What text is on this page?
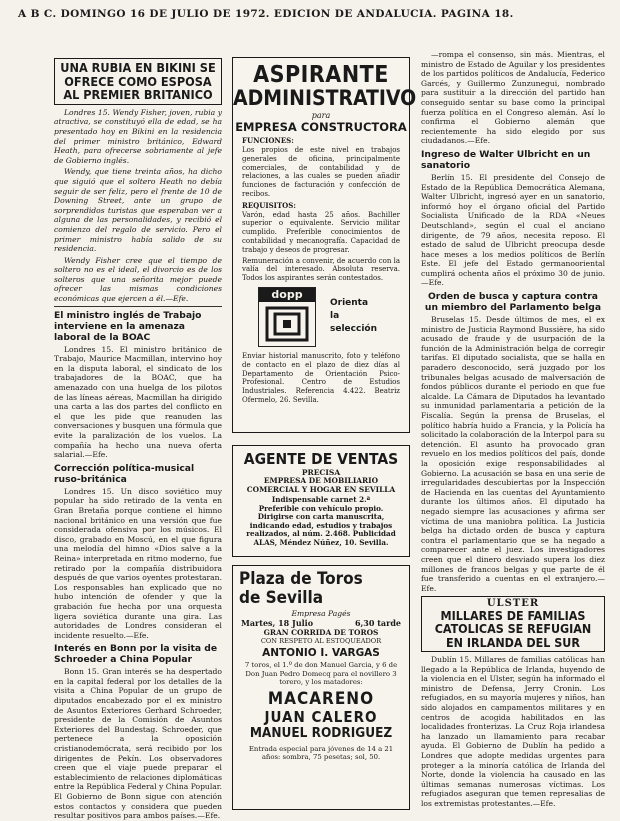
A B C. DOMINGO 16 DE JULIO DE 1972. EDICION DE ANDALUCIA. PAGINA 18.
UNA RUBIA EN BIKINI SE OFRECE COMO ESPOSA AL PREMIER BRITANICO

Londres 15. Wendy Fisher, joven, rubia y atractiva, se constituyó ella de edad, se ha presentado hoy en Bikini en la residencia del primer ministro británico, Edward Heath, para ofrecerse sobriamente al jefe de Gobierno inglés.

Wendy, que tiene treinta años, ha dicho que siguió que el soltero Heath no debía seguir de ser feliz, pero el frente de 10 de Downing Street, ante un grupo de sorprendidos turistas que esperaban ver a alguna de las personalidades, y recibió el comienzo del regalo de servicio. Pero el primer ministro había salido de su residencia.

Wendy Fisher cree que el tiempo de soltero no es el ideal, el divorcio es de los solteros que una señorita mejor puede ofrecer las mismas condiciones económicas que ejercen a él.—Efe.

El ministro inglés de Trabajo interviene en la amenaza laboral de la BOAC

Londres 15. El ministro británico de Trabajo, Maurice Macmillan, intervino hoy en la disputa laboral, el sindicato de los trabajadores de la BOAC, que ha amenazado con una huelga de los pilotos de las líneas aéreas, Macmillan ha dirigido una carta a las dos partes del conflicto en el que les pide que reanuden las conversaciones y busquen una fórmula que evite la paralización de los vuelos. La compañía ha hecho una nueva oferta salarial.—Efe.

Corrección política-musical ruso-británica

Londres 15. Un disco soviético muy popular ha sido retirado de la venta en Gran Bretaña porque contiene el himno nacional británico en una versión que fue considerada ofensiva por los músicos. El disco, grabado en Moscú, en el que figura una melodía del himno «Dios salve a la Reina» interpretada en ritmo moderno, fue retirado por la compañía distribuidora después de que varios oyentes protestaran. Los responsables han explicado que no hubo intención de ofender y que la grabación fue hecha por una orquesta ligera soviética durante una gira. Las autoridades de Londres consideran el incidente resuelto.—Efe.

Interés en Bonn por la visita de Schroeder a China Popular

Bonn 15. Gran interés se ha despertado en la capital federal por los detalles de la visita a China Popular de un grupo de diputados encabezado por el ex ministro de Asuntos Exteriores Gerhard Schroeder, presidente de la Comisión de Asuntos Exteriores del Bundestag. Schroeder, que pertenece a la oposición cristianodemócrata, será recibido por los dirigentes de Pekín. Los observadores creen que el viaje puede preparar el establecimiento de relaciones diplomáticas entre la República Federal y China Popular. El Gobierno de Bonn sigue con atención estos contactos y considera que pueden resultar positivos para ambos países.—Efe.

ASPIRANTE
ADMINISTRATIVO
para
EMPRESA CONSTRUCTORA
FUNCIONES:
Los propios de este nivel en trabajos generales de oficina, principalmente comerciales, de contabilidad y de relaciones, a las cuales se pueden añadir funciones de facturación y confección de recibos.
REQUISITOS:
Varón, edad hasta 25 años. Bachiller superior o equivalente. Servicio militar cumplido. Preferible conocimientos de contabilidad y mecanografía. Capacidad de trabajo y deseos de progresar.
Remuneración a convenir, de acuerdo con la valía del interesado. Absoluta reserva. Todos los aspirantes serán contestados.
dopp
Orienta
la
selección
Enviar historial manuscrito, foto y teléfono de contacto en el plazo de diez días al Departamento de Orientación Psico-Profesional. Centro de Estudios Industriales. Referencia 4.422. Beatriz Ofermelo, 26. Sevilla.
AGENTE DE VENTAS
PRECISA
EMPRESA DE MOBILIARIO COMERCIAL Y HOGAR EN SEVILLA
Indispensable carnet 2.ª
Preferible con vehículo propio. Dirigirse con carta manuscrita, indicando edad, estudios y trabajos realizados, al núm. 2.468. Publicidad ALAS, Méndez Núñez, 10. Sevilla.
Plaza de Toros
de Sevilla
Empresa Pagés
Martes, 18 Julio	6,30 tarde
GRAN CORRIDA DE TOROS
CON RESPETO AL ESTOQUEADOR
ANTONIO I. VARGAS
7 toros, el 1.º de don Manuel Garcia, y 6 de Don Juan Pedro Domecq para el novillero 3 torero, y los matadores:
MACARENO
JUAN CALERO
MANUEL RODRIGUEZ
Entrada especial para jóvenes de 14 a 21 años: sombra, 75 pesetas; sol, 50.

—rompa el consenso, sin más. Mientras, el ministro de Estado de Aguilar y los presidentes de los partidos políticos de Andalucía, Federico Garcés, y Guillermo Zunzunegui, nombrado para sustituir a la dirección del partido han conseguido sentar su base como la principal fuerza política en el Congreso alemán. Así lo confirma el Gobierno alemán que recientemente ha sido elegido por sus ciudadanos.—Efe.

Ingreso de Walter Ulbricht en un sanatorio

Berlín 15. El presidente del Consejo de Estado de la República Democrática Alemana, Walter Ulbricht, ingresó ayer en un sanatorio, informó hoy el órgano oficial del Partido Socialista Unificado de la RDA «Neues Deutschland», según el cual el anciano dirigente, de 79 años, necesita reposo. El estado de salud de Ulbricht preocupa desde hace meses a los medios políticos de Berlín Este. El jefe del Estado germanooriental cumplirá ochenta años el próximo 30 de junio.—Efe.

Orden de busca y captura contra un miembro del Parlamento belga

Bruselas 15. Desde últimos de mes, el ex ministro de Justicia Raymond Bussière, ha sido acusado de fraude y de usurpación de la función de la Administración belga de corregir tarifas. El diputado socialista, que se halla en paradero desconocido, será juzgado por los tribunales belgas acusado de malversación de fondos públicos durante el periodo en que fue alcalde. La Cámara de Diputados ha levantado su inmunidad parlamentaria a petición de la Fiscalía. Según la prensa de Bruselas, el político habría huido a Francia, y la Policía ha solicitado la colaboración de la Interpol para su detención. El asunto ha provocado gran revuelo en los medios políticos del país, donde la oposición exige responsabilidades al Gobierno. La acusación se basa en una serie de irregularidades descubiertas por la Inspección de Hacienda en las cuentas del Ayuntamiento durante los últimos años. El diputado ha negado siempre las acusaciones y afirma ser víctima de una maniobra política. La Justicia belga ha dictado orden de busca y captura contra el parlamentario que se ha negado a comparecer ante el juez. Los investigadores creen que el dinero desviado supera los diez millones de francos belgas y que parte de él fue transferido a cuentas en el extranjero.—Efe.

ULSTER
MILLARES DE FAMILIAS CATOLICAS SE REFUGIAN EN IRLANDA DEL SUR

Dublín 15. Millares de familias católicas han llegado a la República de Irlanda, huyendo de la violencia en el Ulster, según ha informado el ministro de Defensa, Jerry Cronin. Los refugiados, en su mayoría mujeres y niños, han sido alojados en campamentos militares y en centros de acogida habilitados en las localidades fronterizas. La Cruz Roja irlandesa ha lanzado un llamamiento para recabar ayuda. El Gobierno de Dublín ha pedido a Londres que adopte medidas urgentes para proteger a la minoría católica de Irlanda del Norte, donde la violencia ha causado en las últimas semanas numerosas víctimas. Los refugiados aseguran que temen represalias de los extremistas protestantes.—Efe.
